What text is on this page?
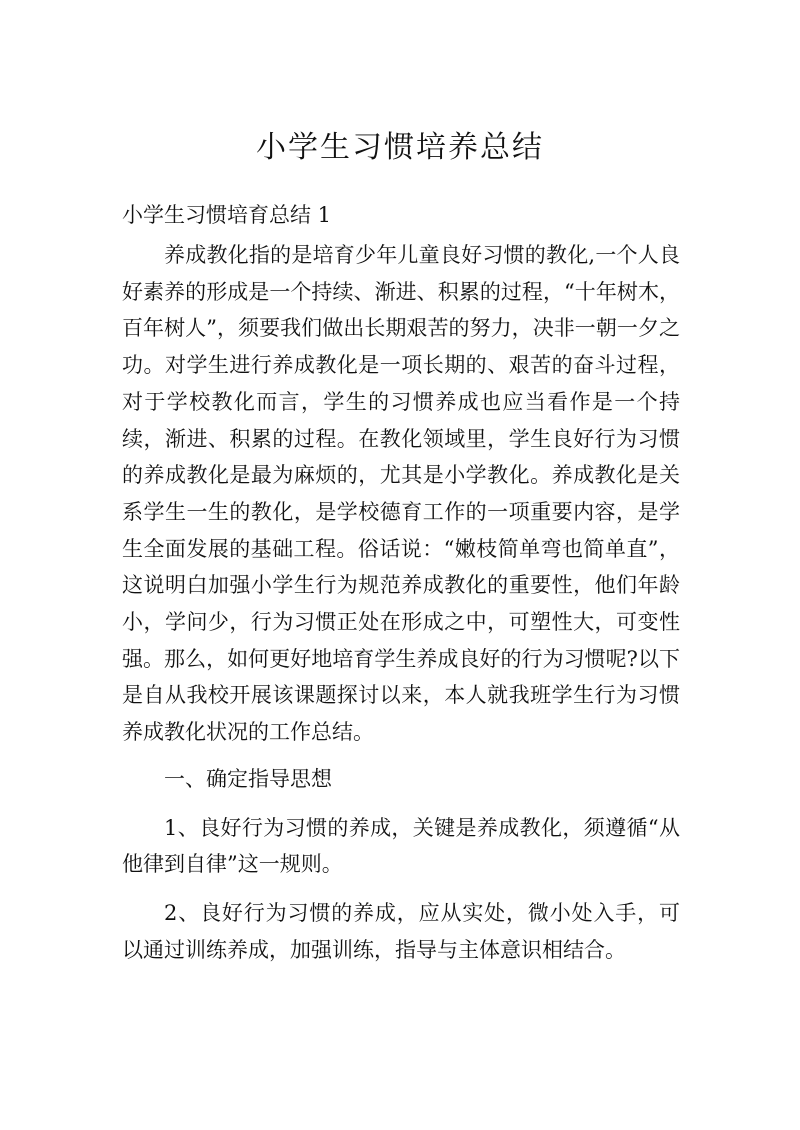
小学生习惯培养总结
小学生习惯培育总结 1

养成教化指的是培育少年儿童良好习惯的教化,一个人良好素养的形成是一个持续、渐进、积累的过程，“十年树木，百年树人”，须要我们做出长期艰苦的努力，决非一朝一夕之功。对学生进行养成教化是一项长期的、艰苦的奋斗过程，对于学校教化而言，学生的习惯养成也应当看作是一个持续，渐进、积累的过程。在教化领域里，学生良好行为习惯的养成教化是最为麻烦的，尤其是小学教化。养成教化是关系学生一生的教化，是学校德育工作的一项重要内容，是学生全面发展的基础工程。俗话说：“嫩枝简单弯也简单直”，这说明白加强小学生行为规范养成教化的重要性，他们年龄小，学问少，行为习惯正处在形成之中，可塑性大，可变性强。那么，如何更好地培育学生养成良好的行为习惯呢?以下是自从我校开展该课题探讨以来，本人就我班学生行为习惯养成教化状况的工作总结。

一、确定指导思想

1、良好行为习惯的养成，关键是养成教化，须遵循“从他律到自律”这一规则。

2、良好行为习惯的养成，应从实处，微小处入手，可以通过训练养成，加强训练，指导与主体意识相结合。
